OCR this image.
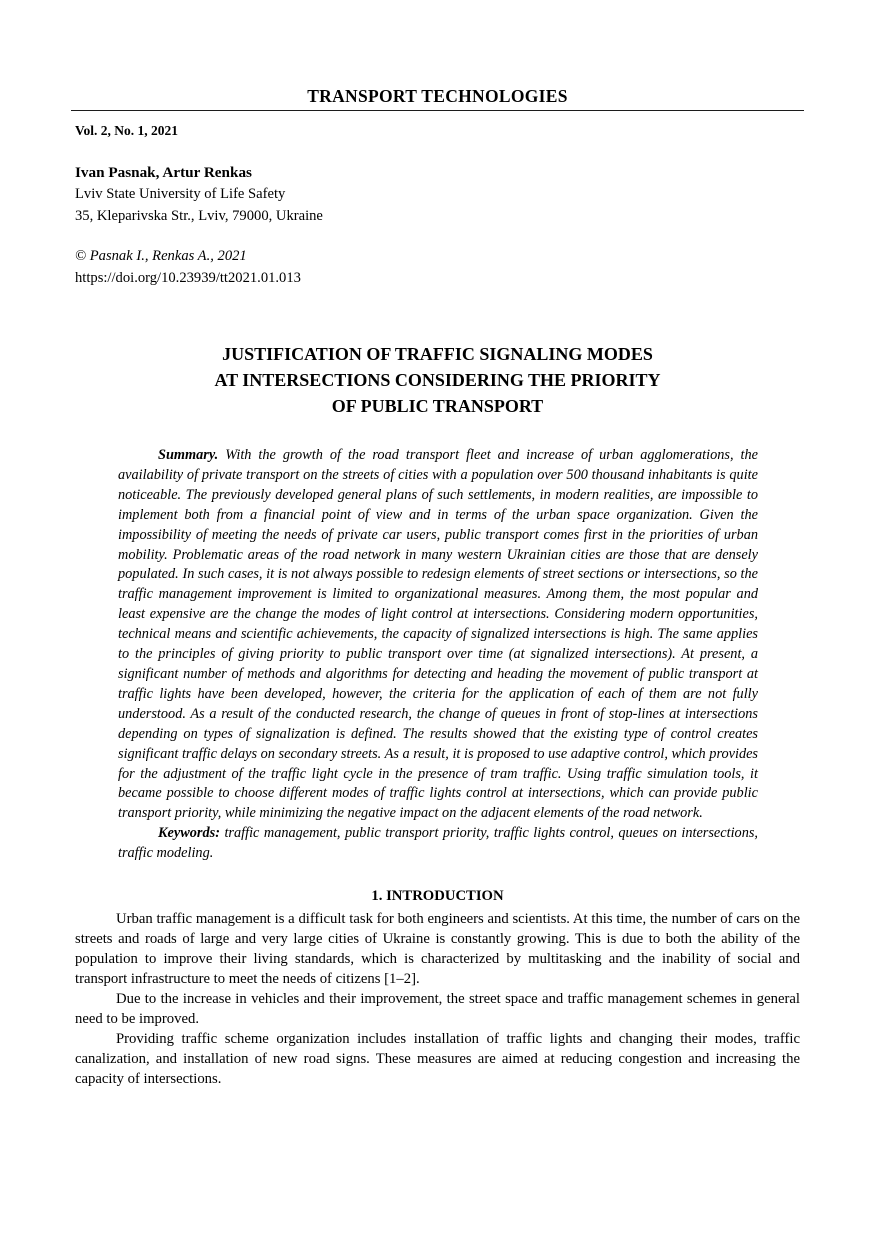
TRANSPORT TECHNOLOGIES
Vol. 2, No. 1, 2021
Ivan Pasnak, Artur Renkas
Lviv State University of Life Safety
35, Kleparivska Str., Lviv, 79000, Ukraine
© Pasnak I., Renkas A., 2021
https://doi.org/10.23939/tt2021.01.013
JUSTIFICATION OF TRAFFIC SIGNALING MODES
AT INTERSECTIONS CONSIDERING THE PRIORITY
OF PUBLIC TRANSPORT

Summary. With the growth of the road transport fleet and increase of urban agglomerations, the availability of private transport on the streets of cities with a population over 500 thousand inhabitants is quite noticeable. The previously developed general plans of such settlements, in modern realities, are impossible to implement both from a financial point of view and in terms of the urban space organization. Given the impossibility of meeting the needs of private car users, public transport comes first in the priorities of urban mobility. Problematic areas of the road network in many western Ukrainian cities are those that are densely populated. In such cases, it is not always possible to redesign elements of street sections or intersections, so the traffic management improvement is limited to organizational measures. Among them, the most popular and least expensive are the change the modes of light control at intersections. Considering modern opportunities, technical means and scientific achievements, the capacity of signalized intersections is high. The same applies to the principles of giving priority to public transport over time (at signalized intersections). At present, a significant number of methods and algorithms for detecting and heading the movement of public transport at traffic lights have been developed, however, the criteria for the application of each of them are not fully understood. As a result of the conducted research, the change of queues in front of stop-lines at intersections depending on types of signalization is defined. The results showed that the existing type of control creates significant traffic delays on secondary streets. As a result, it is proposed to use adaptive control, which provides for the adjustment of the traffic light cycle in the presence of tram traffic. Using traffic simulation tools, it became possible to choose different modes of traffic lights control at intersections, which can provide public transport priority, while minimizing the negative impact on the adjacent elements of the road network.

Keywords: traffic management, public transport priority, traffic lights control, queues on intersections, traffic modeling.

1. INTRODUCTION

Urban traffic management is a difficult task for both engineers and scientists. At this time, the number of cars on the streets and roads of large and very large cities of Ukraine is constantly growing. This is due to both the ability of the population to improve their living standards, which is characterized by multitasking and the inability of social and transport infrastructure to meet the needs of citizens [1–2].

Due to the increase in vehicles and their improvement, the street space and traffic management schemes in general need to be improved.

Providing traffic scheme organization includes installation of traffic lights and changing their modes, traffic canalization, and installation of new road signs. These measures are aimed at reducing congestion and increasing the capacity of intersections.
